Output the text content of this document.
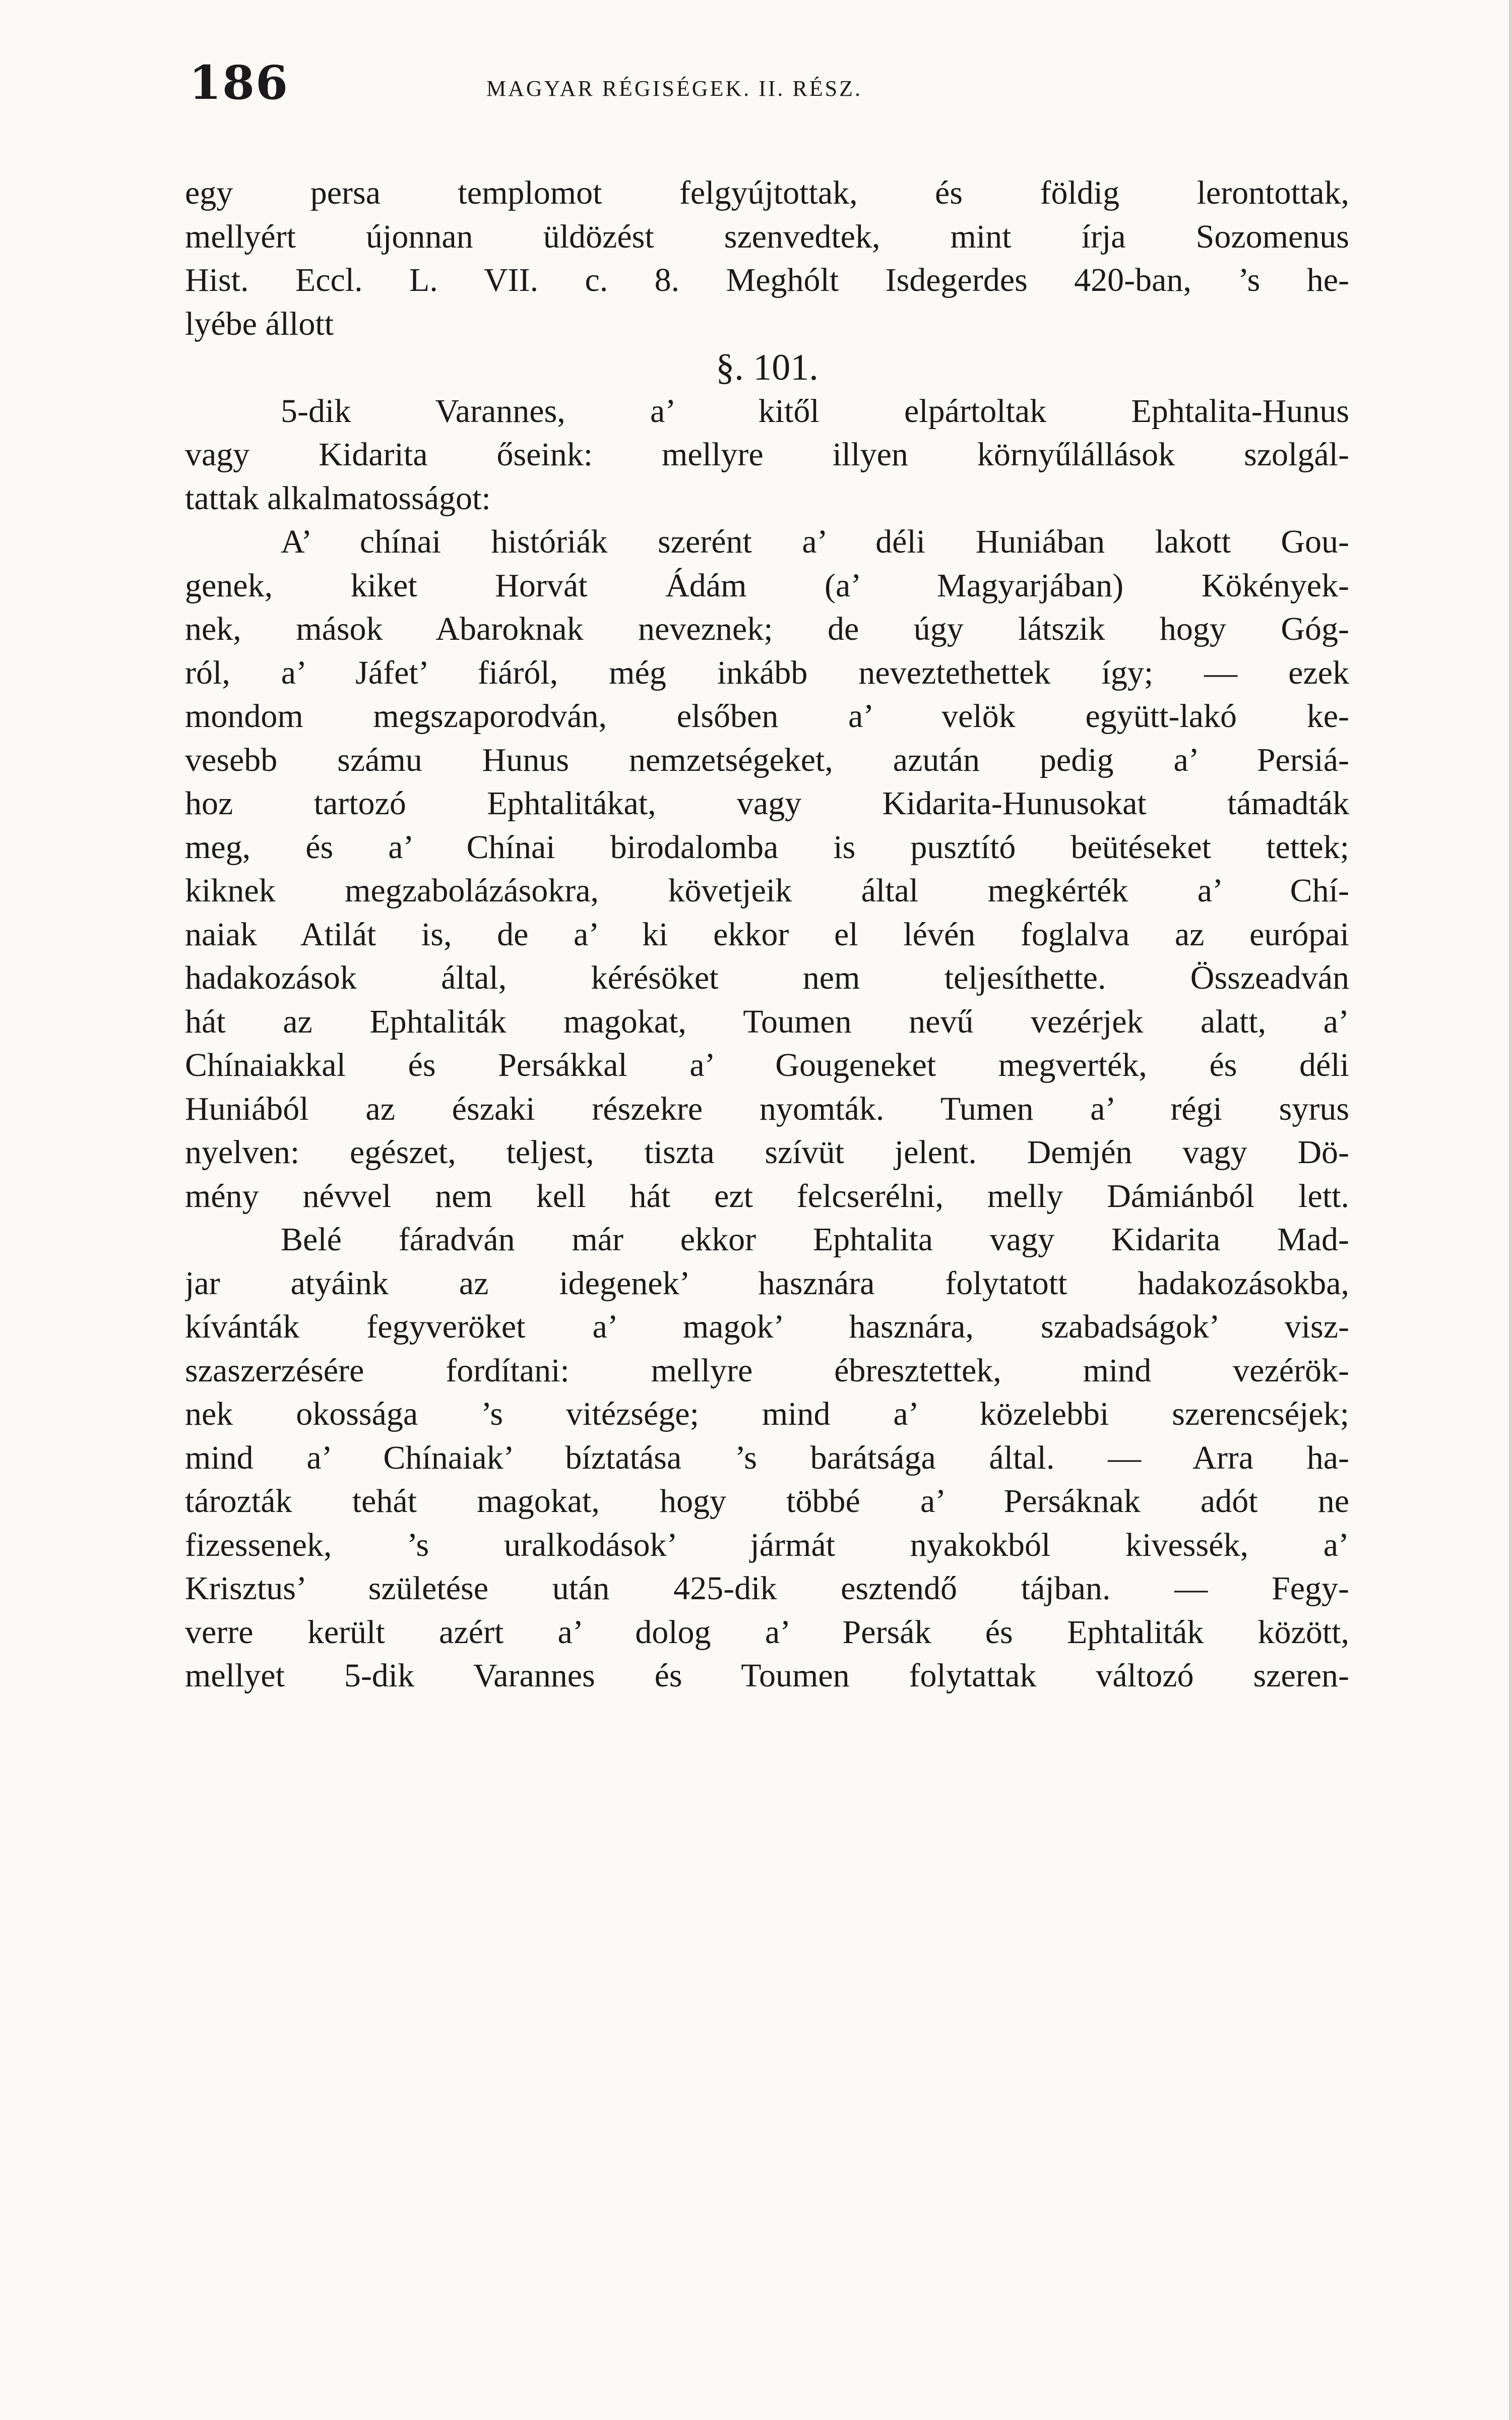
186	MAGYAR RÉGISÉGEK. II. RÉSZ.
egy persa templomot felgyújtottak, és földig lerontottak,
mellyért újonnan üldözést szenvedtek, mint írja Sozomenus
Hist. Eccl. L. VII. c. 8. Meghólt Isdegerdes 420-ban, ’s he-
lyébe állott
§. 101.
5-dik Varannes, a’ kitől elpártoltak Ephtalita-Hunus
vagy Kidarita őseink: mellyre illyen környűlállások szolgál-
tattak alkalmatosságot:
A’ chínai históriák szerént a’ déli Huniában lakott Gou-
genek, kiket Horvát Ádám (a’ Magyarjában) Kökények-
nek, mások Abaroknak neveznek; de úgy látszik hogy Góg-
ról, a’ Jáfet’ fiáról, még inkább neveztethettek így; — ezek
mondom megszaporodván, elsőben a’ velök együtt-lakó ke-
vesebb számu Hunus nemzetségeket, azután pedig a’ Persiá-
hoz tartozó Ephtalitákat, vagy Kidarita-Hunusokat támadták
meg, és a’ Chínai birodalomba is pusztító beütéseket tettek;
kiknek megzabolázásokra, követjeik által megkérték a’ Chí-
naiak Atilát is, de a’ ki ekkor el lévén foglalva az európai
hadakozások által, kérésöket nem teljesíthette. Összeadván
hát az Ephtaliták magokat, Toumen nevű vezérjek alatt, a’
Chínaiakkal és Persákkal a’ Gougeneket megverték, és déli
Huniából az északi részekre nyomták. Tumen a’ régi syrus
nyelven: egészet, teljest, tiszta szívüt jelent. Demjén vagy Dö-
mény névvel nem kell hát ezt felcserélni, melly Dámiánból lett.
Belé fáradván már ekkor Ephtalita vagy Kidarita Mad-
jar atyáink az idegenek’ hasznára folytatott hadakozásokba,
kívánták fegyveröket a’ magok’ hasznára, szabadságok’ visz-
szaszerzésére fordítani: mellyre ébresztettek, mind vezérök-
nek okossága ’s vitézsége; mind a’ közelebbi szerencséjek;
mind a’ Chínaiak’ bíztatása ’s barátsága által. — Arra ha-
tározták tehát magokat, hogy többé a’ Persáknak adót ne
fizessenek, ’s uralkodások’ jármát nyakokból kivessék, a’
Krisztus’ születése után 425-dik esztendő tájban. — Fegy-
verre került azért a’ dolog a’ Persák és Ephtaliták között,
mellyet 5-dik Varannes és Toumen folytattak változó szeren-
